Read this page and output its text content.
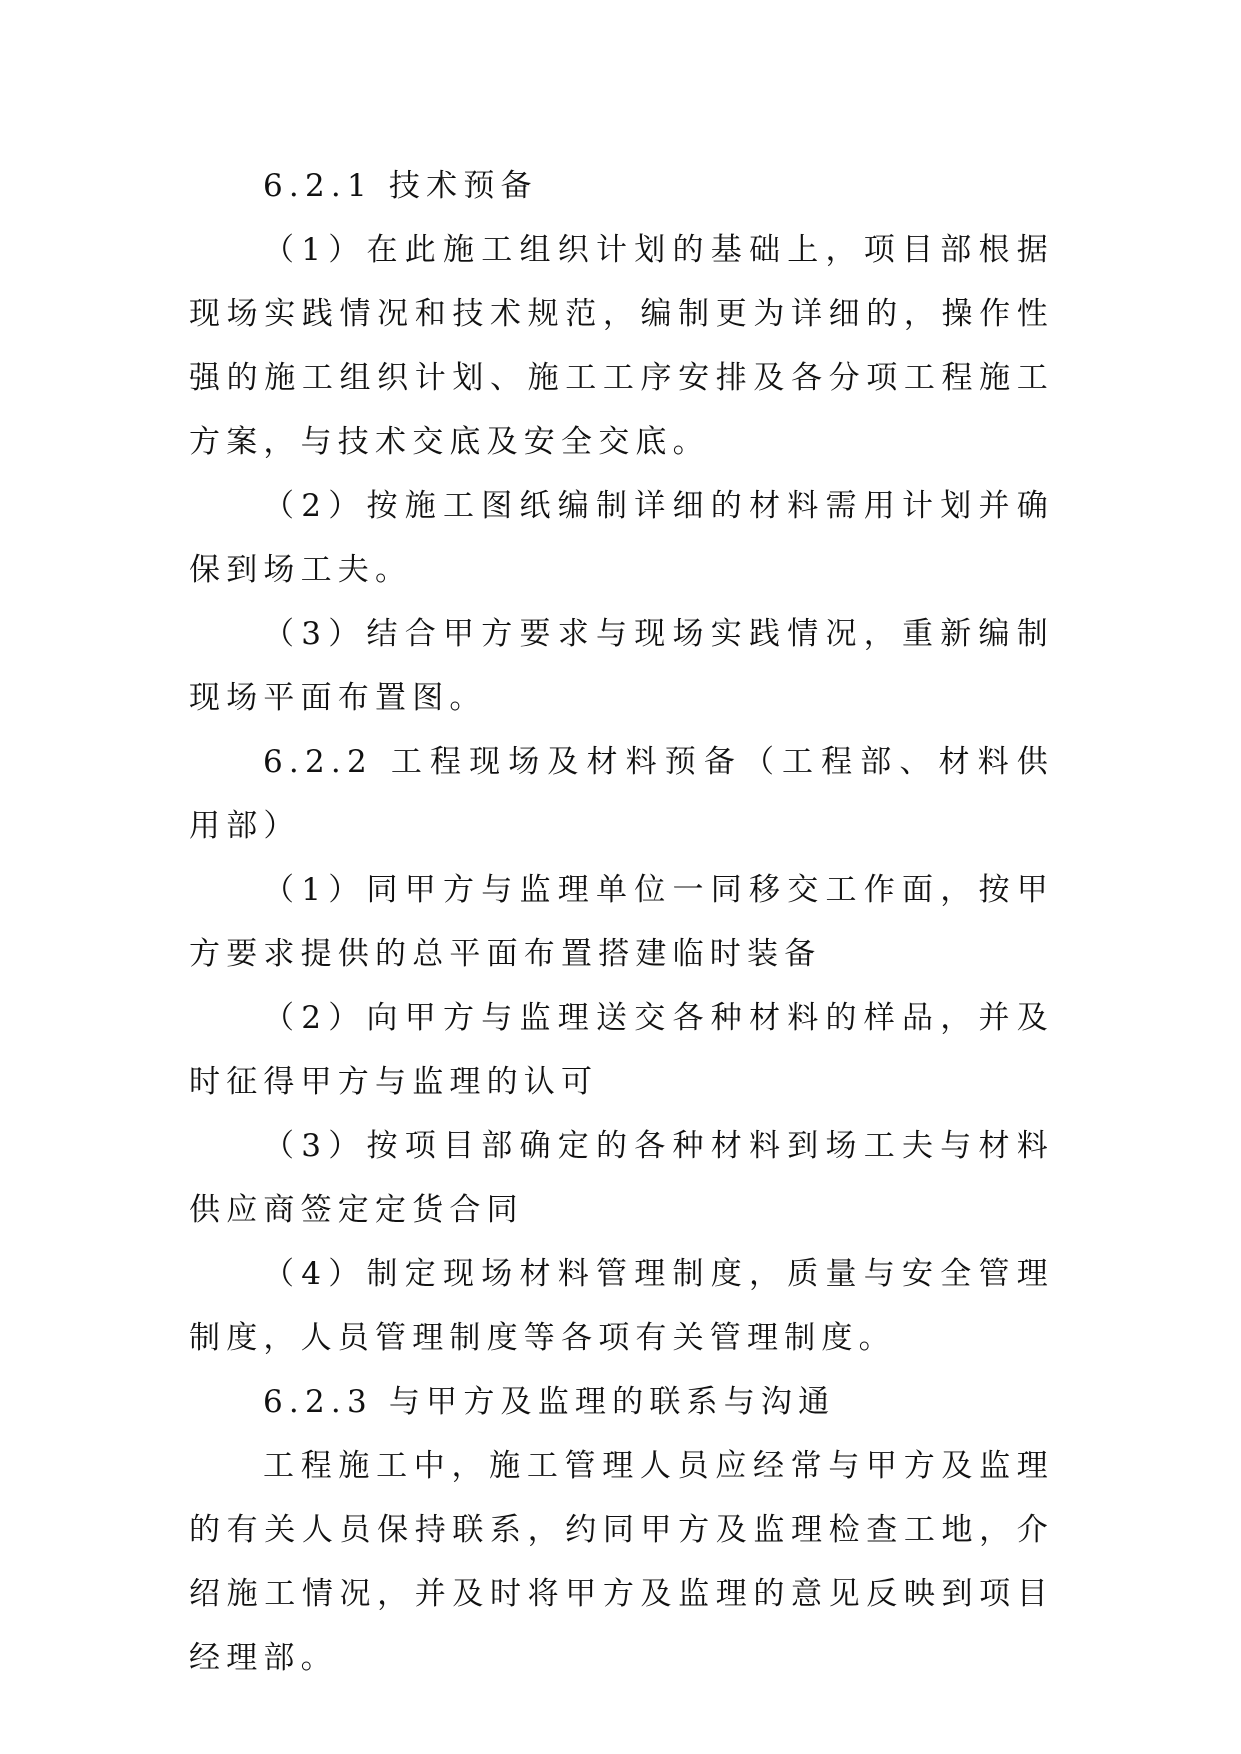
6.2.1 技术预备

（1）在此施工组织计划的基础上，项目部根据现场实践情况和技术规范，编制更为详细的，操作性强的施工组织计划、施工工序安排及各分项工程施工方案，与技术交底及安全交底。

（2）按施工图纸编制详细的材料需用计划并确保到场工夫。

（3）结合甲方要求与现场实践情况，重新编制现场平面布置图。

6.2.2 工程现场及材料预备（工程部、材料供用部）

（1）同甲方与监理单位一同移交工作面，按甲方要求提供的总平面布置搭建临时装备

（2）向甲方与监理送交各种材料的样品，并及时征得甲方与监理的认可

（3）按项目部确定的各种材料到场工夫与材料供应商签定定货合同

（4）制定现场材料管理制度，质量与安全管理制度，人员管理制度等各项有关管理制度。

6.2.3 与甲方及监理的联系与沟通

工程施工中，施工管理人员应经常与甲方及监理的有关人员保持联系，约同甲方及监理检查工地，介绍施工情况，并及时将甲方及监理的意见反映到项目经理部。
